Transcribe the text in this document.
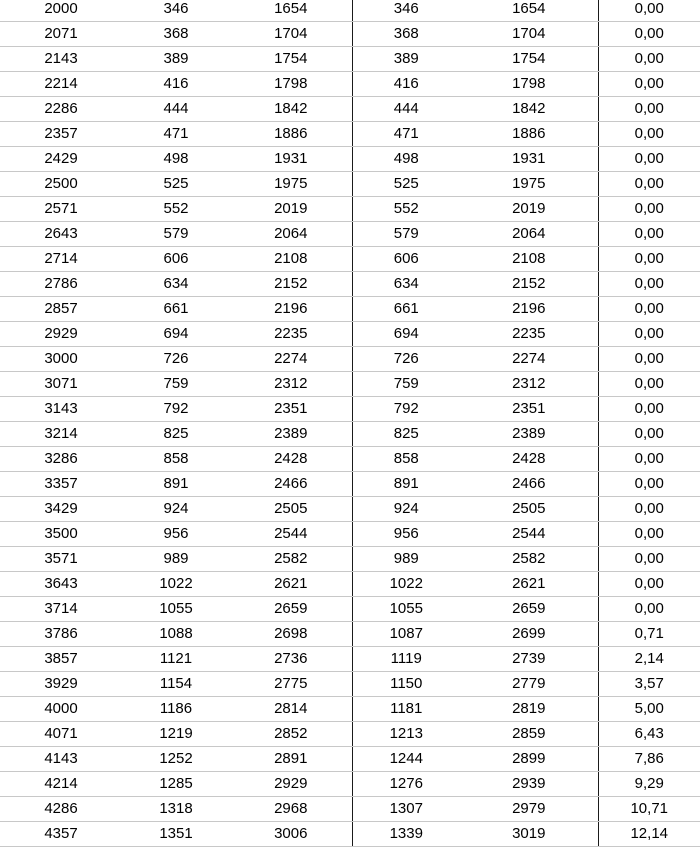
2000	346	1654	346	1654	0,00
2071	368	1704	368	1704	0,00
2143	389	1754	389	1754	0,00
2214	416	1798	416	1798	0,00
2286	444	1842	444	1842	0,00
2357	471	1886	471	1886	0,00
2429	498	1931	498	1931	0,00
2500	525	1975	525	1975	0,00
2571	552	2019	552	2019	0,00
2643	579	2064	579	2064	0,00
2714	606	2108	606	2108	0,00
2786	634	2152	634	2152	0,00
2857	661	2196	661	2196	0,00
2929	694	2235	694	2235	0,00
3000	726	2274	726	2274	0,00
3071	759	2312	759	2312	0,00
3143	792	2351	792	2351	0,00
3214	825	2389	825	2389	0,00
3286	858	2428	858	2428	0,00
3357	891	2466	891	2466	0,00
3429	924	2505	924	2505	0,00
3500	956	2544	956	2544	0,00
3571	989	2582	989	2582	0,00
3643	1022	2621	1022	2621	0,00
3714	1055	2659	1055	2659	0,00
3786	1088	2698	1087	2699	0,71
3857	1121	2736	1119	2739	2,14
3929	1154	2775	1150	2779	3,57
4000	1186	2814	1181	2819	5,00
4071	1219	2852	1213	2859	6,43
4143	1252	2891	1244	2899	7,86
4214	1285	2929	1276	2939	9,29
4286	1318	2968	1307	2979	10,71
4357	1351	3006	1339	3019	12,14
